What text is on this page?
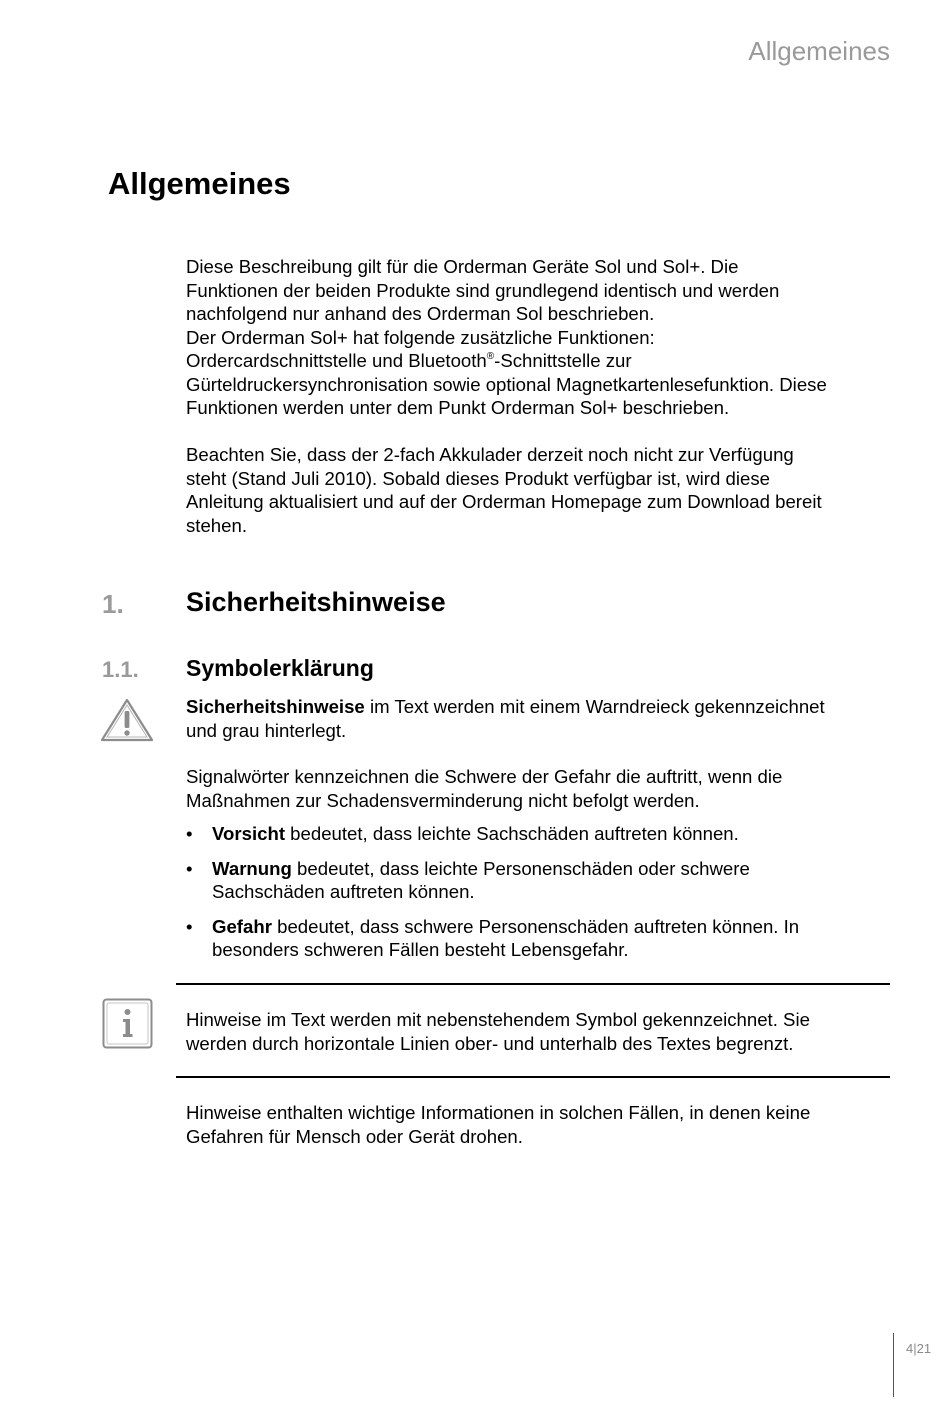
Allgemeines
Allgemeines

Diese Beschreibung gilt für die Orderman Geräte Sol und Sol+. Die

Funktionen der beiden Produkte sind grundlegend identisch und werden

nachfolgend nur anhand des Orderman Sol beschrieben.

Der Orderman Sol+ hat folgende zusätzliche Funktionen:

Ordercardschnittstelle und Bluetooth®-Schnittstelle zur

Gürteldruckersynchronisation sowie optional Magnetkartenlesefunktion. Diese

Funktionen werden unter dem Punkt Orderman Sol+ beschrieben.

Beachten Sie, dass der 2-fach Akkulader derzeit noch nicht zur Verfügung

steht (Stand Juli 2010). Sobald dieses Produkt verfügbar ist, wird diese

Anleitung aktualisiert und auf der Orderman Homepage zum Download bereit

stehen.

1. Sicherheitshinweise
1.1. Symbolerklärung

Sicherheitshinweise im Text werden mit einem Warndreieck gekennzeichnet

und grau hinterlegt.

Signalwörter kennzeichnen die Schwere der Gefahr die auftritt, wenn die

Maßnahmen zur Schadensverminderung nicht befolgt werden.

• Vorsicht bedeutet, dass leichte Sachschäden auftreten können.
• Warnung bedeutet, dass leichte Personenschäden oder schwere
Sachschäden auftreten können.
• Gefahr bedeutet, dass schwere Personenschäden auftreten können. In
besonders schweren Fällen besteht Lebensgefahr.

Hinweise im Text werden mit nebenstehendem Symbol gekennzeichnet. Sie

werden durch horizontale Linien ober- und unterhalb des Textes begrenzt.

Hinweise enthalten wichtige Informationen in solchen Fällen, in denen keine

Gefahren für Mensch oder Gerät drohen.

4|21
